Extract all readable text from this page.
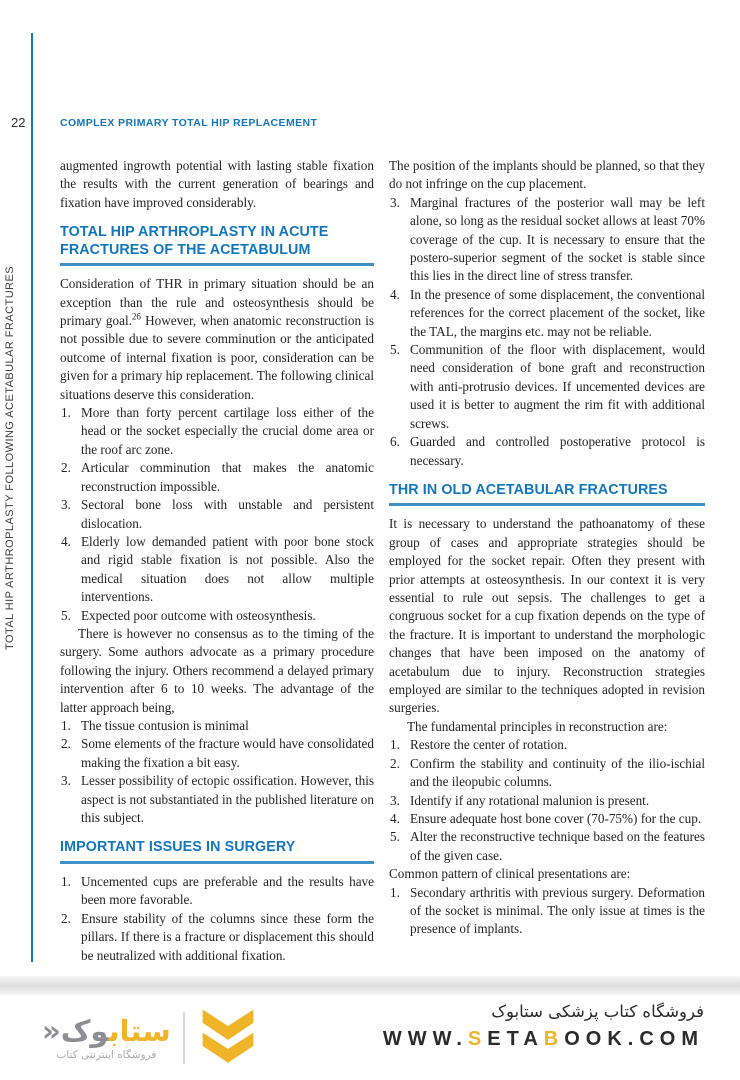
22	COMPLEX PRIMARY TOTAL HIP REPLACEMENT
TOTAL HIP ARTHROPLASTY FOLLOWING ACETABULAR FRACTURES

augmented ingrowth potential with lasting stable fixation the results with the current generation of bearings and fixation have improved considerably.

TOTAL HIP ARTHROPLASTY IN ACUTE FRACTURES OF THE ACETABULUM

Consideration of THR in primary situation should be an exception than the rule and osteosynthesis should be primary goal.$^{26}$ However, when anatomic reconstruction is not possible due to severe comminution or the anticipated outcome of internal fixation is poor, consideration can be given for a primary hip replacement. The following clinical situations deserve this consideration.

1. More than forty percent cartilage loss either of the head or the socket especially the crucial dome area or the roof arc zone.
2. Articular comminution that makes the anatomic reconstruction impossible.
3. Sectoral bone loss with unstable and persistent dislocation.
4. Elderly low demanded patient with poor bone stock and rigid stable fixation is not possible. Also the medical situation does not allow multiple interventions.
5. Expected poor outcome with osteosynthesis.

There is however no consensus as to the timing of the surgery. Some authors advocate as a primary procedure following the injury. Others recommend a delayed primary intervention after 6 to 10 weeks. The advantage of the latter approach being,

1. The tissue contusion is minimal
2. Some elements of the fracture would have consolidated making the fixation a bit easy.
3. Lesser possibility of ectopic ossification. However, this aspect is not substantiated in the published literature on this subject.
IMPORTANT ISSUES IN SURGERY
1. Uncemented cups are preferable and the results have been more favorable.
2. Ensure stability of the columns since these form the pillars. If there is a fracture or displacement this should be neutralized with additional fixation.

The position of the implants should be planned, so that they do not infringe on the cup placement.

3. Marginal fractures of the posterior wall may be left alone, so long as the residual socket allows at least 70% coverage of the cup. It is necessary to ensure that the postero-superior segment of the socket is stable since this lies in the direct line of stress transfer.
4. In the presence of some displacement, the conventional references for the correct placement of the socket, like the TAL, the margins etc. may not be reliable.
5. Communition of the floor with displacement, would need consideration of bone graft and reconstruction with anti-protrusio devices. If uncemented devices are used it is better to augment the rim fit with additional screws.
6. Guarded and controlled postoperative protocol is necessary.
THR IN OLD ACETABULAR FRACTURES

It is necessary to understand the pathoanatomy of these group of cases and appropriate strategies should be employed for the socket repair. Often they present with prior attempts at osteosynthesis. In our context it is very essential to rule out sepsis. The challenges to get a congruous socket for a cup fixation depends on the type of the fracture. It is important to understand the morphologic changes that have been imposed on the anatomy of acetabulum due to injury. Reconstruction strategies employed are similar to the techniques adopted in revision surgeries.

The fundamental principles in reconstruction are:

1. Restore the center of rotation.
2. Confirm the stability and continuity of the ilio-ischial and the ileopubic columns.
3. Identify if any rotational malunion is present.
4. Ensure adequate host bone cover (70-75%) for the cup.
5. Alter the reconstructive technique based on the features of the given case.

Common pattern of clinical presentations are:

1. Secondary arthritis with previous surgery. Deformation of the socket is minimal. The only issue at times is the presence of implants.
ستابوک«
فروشگاه اینترنتی کتاب
فروشگاه کتاب پزشکی ستابوک
WWW.SETABOOK.COM
